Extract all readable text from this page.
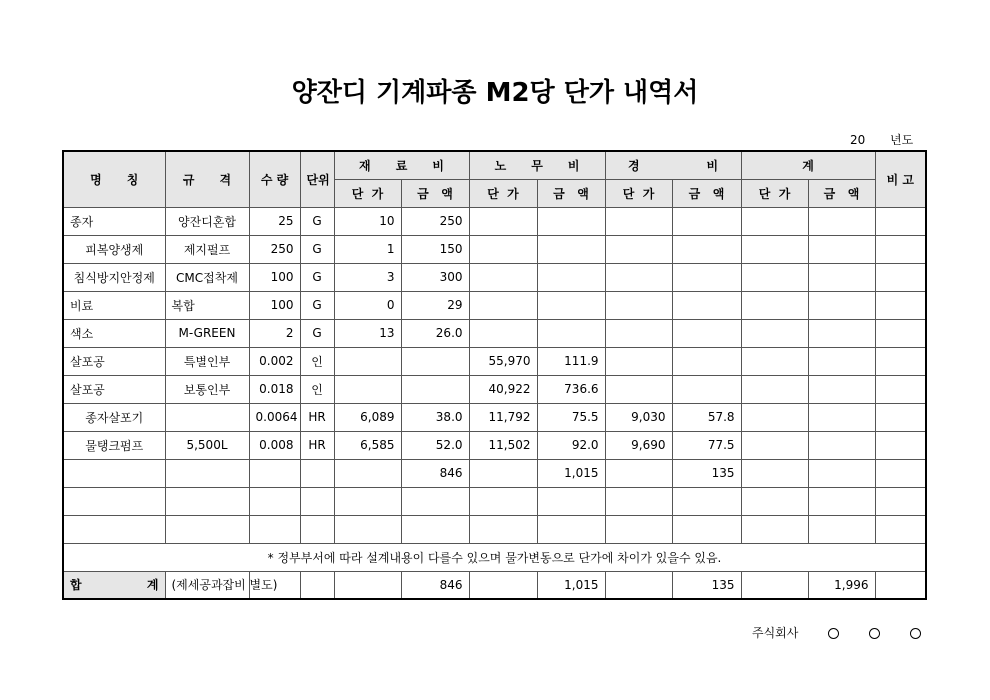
양잔디 기계파종 M2당 단가 내역서
20 년도
명      칭	규      격	수 량	단위	재      료      비		노      무      비		경                비		계		비 고
				단  가	금   액	단  가	금   액	단  가	금   액	단  가	금   액	
종자	양잔디혼합	25	G	10	250							
피복양생제	제지펄프	250	G	1	150							
침식방지안정제	CMC접착제	100	G	3	300							
비료	복합	100	G	0	29							
색소	M-GREEN	2	G	13	26.0							
살포공	특별인부	0.002	인			55,970	111.9					
살포공	보통인부	0.018	인			40,922	736.6					
종자살포기		0.0064	HR	6,089	38.0	11,792	75.5	9,030	57.8			
물탱크펌프	5,500L	0.008	HR	6,585	52.0	11,502	92.0	9,690	77.5			
					846		1,015		135			

* 정부부서에 따라 설계내용이 다를수 있으며 물가변동으로 단가에 차이가 있을수 있음.												
합 계	(제세공과잡비 별도)				846		1,015		135		1,996	
주식회사
